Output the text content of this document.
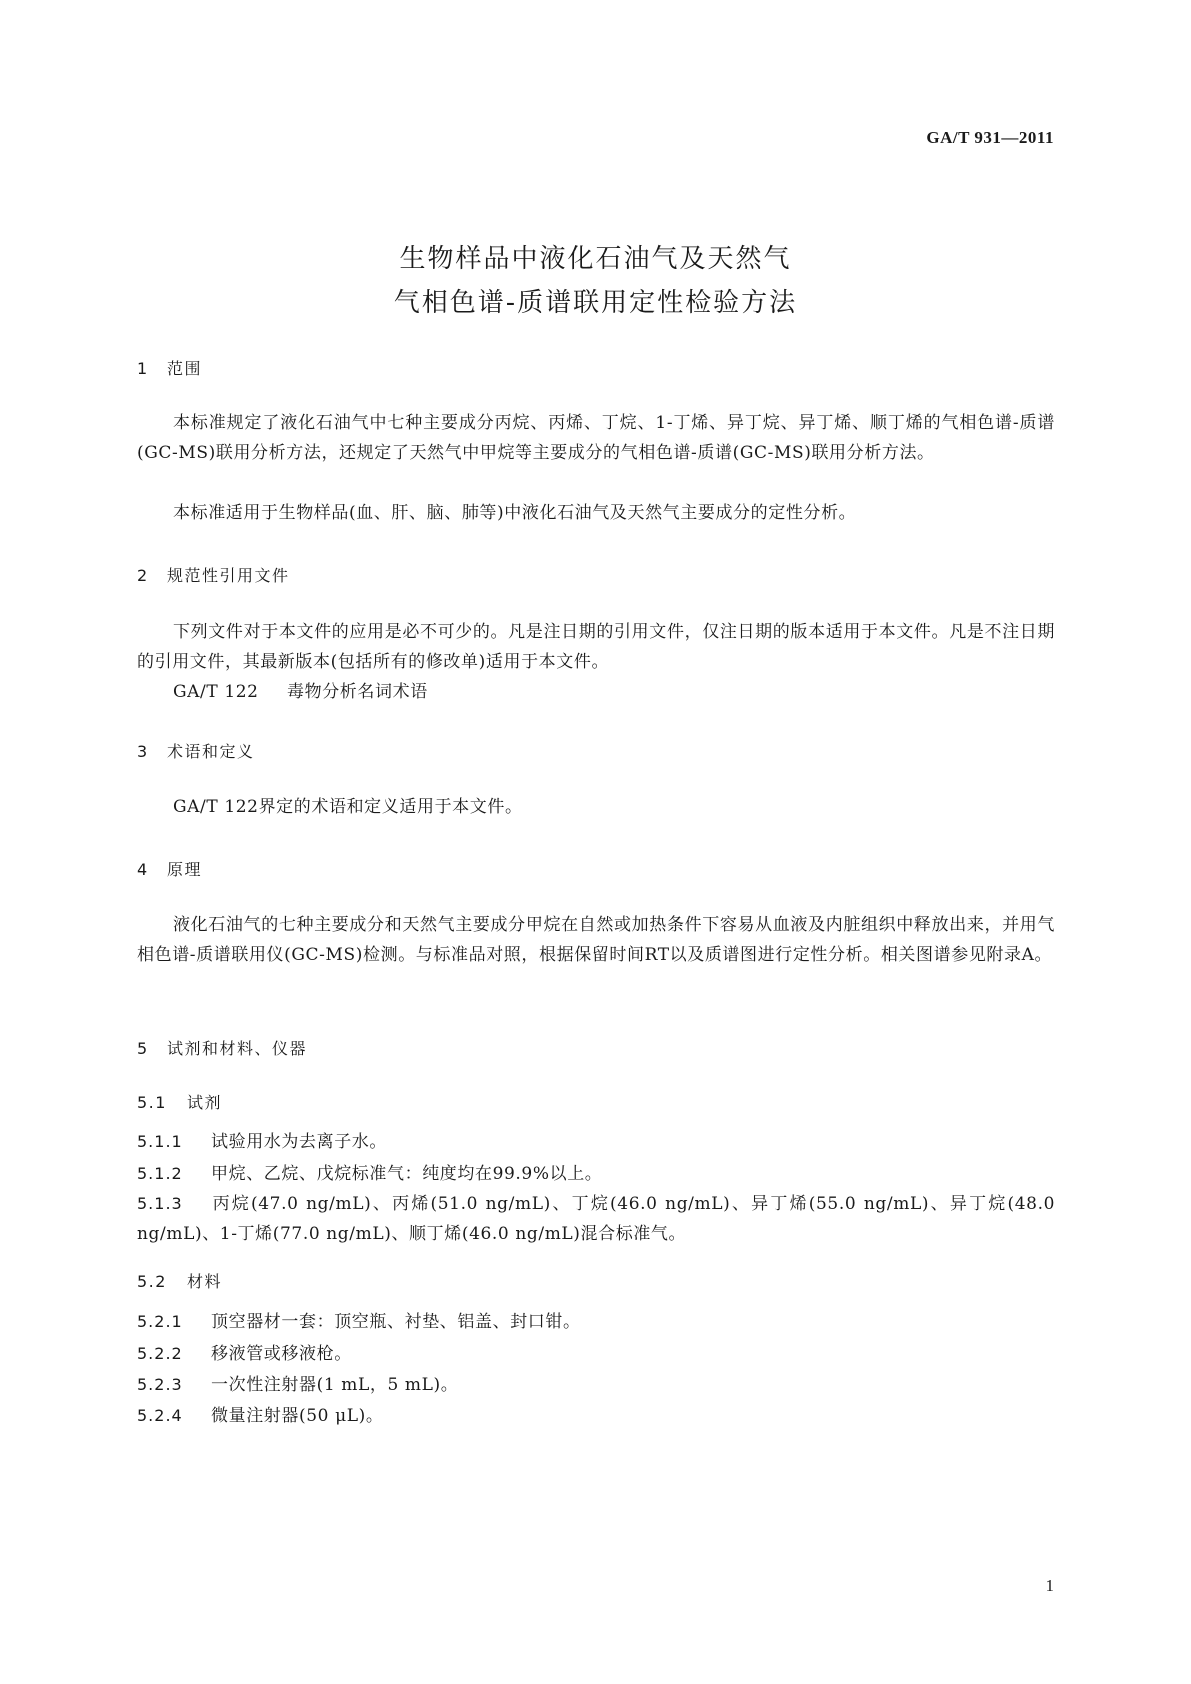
GA/T 931—2011
生物样品中液化石油气及天然气
气相色谱-质谱联用定性检验方法
1 范围
本标准规定了液化石油气中七种主要成分丙烷、丙烯、丁烷、1-丁烯、异丁烷、异丁烯、顺丁烯的气相色谱-质谱(GC-MS)联用分析方法，还规定了天然气中甲烷等主要成分的气相色谱-质谱(GC-MS)联用分析方法。
本标准适用于生物样品(血、肝、脑、肺等)中液化石油气及天然气主要成分的定性分析。
2 规范性引用文件
下列文件对于本文件的应用是必不可少的。凡是注日期的引用文件，仅注日期的版本适用于本文件。凡是不注日期的引用文件，其最新版本(包括所有的修改单)适用于本文件。
GA/T 122 毒物分析名词术语
3 术语和定义
GA/T 122界定的术语和定义适用于本文件。
4 原理
液化石油气的七种主要成分和天然气主要成分甲烷在自然或加热条件下容易从血液及内脏组织中释放出来，并用气相色谱-质谱联用仪(GC-MS)检测。与标准品对照，根据保留时间RT以及质谱图进行定性分析。相关图谱参见附录A。
5 试剂和材料、仪器
5.1 试剂
5.1.1 试验用水为去离子水。
5.1.2 甲烷、乙烷、戊烷标准气：纯度均在99.9%以上。
5.1.3 丙烷(47.0 ng/mL)、丙烯(51.0 ng/mL)、丁烷(46.0 ng/mL)、异丁烯(55.0 ng/mL)、异丁烷(48.0 ng/mL)、1-丁烯(77.0 ng/mL)、顺丁烯(46.0 ng/mL)混合标准气。
5.2 材料
5.2.1 顶空器材一套：顶空瓶、衬垫、铝盖、封口钳。
5.2.2 移液管或移液枪。
5.2.3 一次性注射器(1 mL，5 mL)。
5.2.4 微量注射器(50 μL)。
1
